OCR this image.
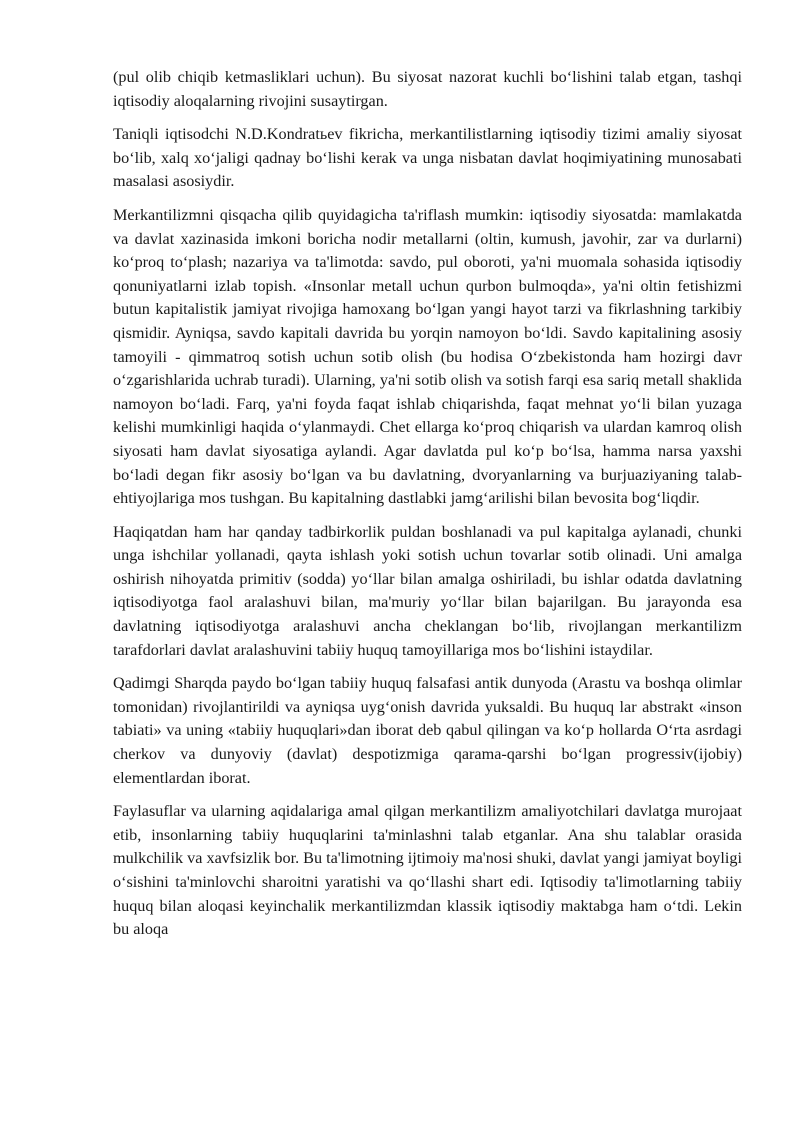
(pul olib chiqib ketmasliklari uchun). Bu siyosat nazorat kuchli bo‘lishini talab etgan, tashqi iqtisodiy aloqalarning rivojini susaytirgan.

Taniqli iqtisodchi N.D.Kondratьev fikricha, merkantilistlarning iqtisodiy tizimi amaliy siyosat bo‘lib, xalq xo‘jaligi qadnay bo‘lishi kerak va unga nisbatan davlat hoqimiyatining munosabati masalasi asosiydir.

Merkantilizmni qisqacha qilib quyidagicha ta'riflash mumkin: iqtisodiy siyosatda: mamlakatda va davlat xazinasida imkoni boricha nodir metallarni (oltin, kumush, javohir, zar va durlarni) ko‘proq to‘plash; nazariya va ta'limotda: savdo, pul oboroti, ya'ni muomala sohasida iqtisodiy qonuniyatlarni izlab topish. «Insonlar metall uchun qurbon bulmoqda», ya'ni oltin fetishizmi butun kapitalistik jamiyat rivojiga hamoxang bo‘lgan yangi hayot tarzi va fikrlashning tarkibiy qismidir. Ayniqsa, savdo kapitali davrida bu yorqin namoyon bo‘ldi. Savdo kapitalining asosiy tamoyili - qimmatroq sotish uchun sotib olish (bu hodisa O‘zbekistonda ham hozirgi davr o‘zgarishlarida uchrab turadi). Ularning, ya'ni sotib olish va sotish farqi esa sariq metall shaklida namoyon bo‘ladi. Farq, ya'ni foyda faqat ishlab chiqarishda, faqat mehnat yo‘li bilan yuzaga kelishi mumkinligi haqida o‘ylanmaydi. Chet ellarga ko‘proq chiqarish va ulardan kamroq olish siyosati ham davlat siyosatiga aylandi. Agar davlatda pul ko‘p bo‘lsa, hamma narsa yaxshi bo‘ladi degan fikr asosiy bo‘lgan va bu davlatning, dvoryanlarning va burjuaziyaning talab-ehtiyojlariga mos tushgan. Bu kapitalning dastlabki jamg‘arilishi bilan bevosita bog‘liqdir.

Haqiqatdan ham har qanday tadbirkorlik puldan boshlanadi va pul kapitalga aylanadi, chunki unga ishchilar yollanadi, qayta ishlash yoki sotish uchun tovarlar sotib olinadi. Uni amalga oshirish nihoyatda primitiv (sodda) yo‘llar bilan amalga oshiriladi, bu ishlar odatda davlatning iqtisodiyotga faol aralashuvi bilan, ma'muriy yo‘llar bilan bajarilgan. Bu jarayonda esa davlatning iqtisodiyotga aralashuvi ancha cheklangan bo‘lib, rivojlangan merkantilizm tarafdorlari davlat aralashuvini tabiiy huquq tamoyillariga mos bo‘lishini istaydilar.

Qadimgi Sharqda paydo bo‘lgan tabiiy huquq falsafasi antik dunyoda (Arastu va boshqa olimlar tomonidan) rivojlantirildi va ayniqsa uyg‘onish davrida yuksaldi. Bu huquq lar abstrakt «inson tabiati» va uning «tabiiy huquqlari»dan iborat deb qabul qilingan va ko‘p hollarda O‘rta asrdagi cherkov va dunyoviy (davlat) despotizmiga qarama-qarshi bo‘lgan progressiv(ijobiy) elementlardan iborat.

Faylasuflar va ularning aqidalariga amal qilgan merkantilizm amaliyotchilari davlatga murojaat etib, insonlarning tabiiy huquqlarini ta'minlashni talab etganlar. Ana shu talablar orasida mulkchilik va xavfsizlik bor. Bu ta'limotning ijtimoiy ma'nosi shuki, davlat yangi jamiyat boyligi o‘sishini ta'minlovchi sharoitni yaratishi va qo‘llashi shart edi. Iqtisodiy ta'limotlarning tabiiy huquq bilan aloqasi keyinchalik merkantilizmdan klassik iqtisodiy maktabga ham o‘tdi. Lekin bu aloqa
